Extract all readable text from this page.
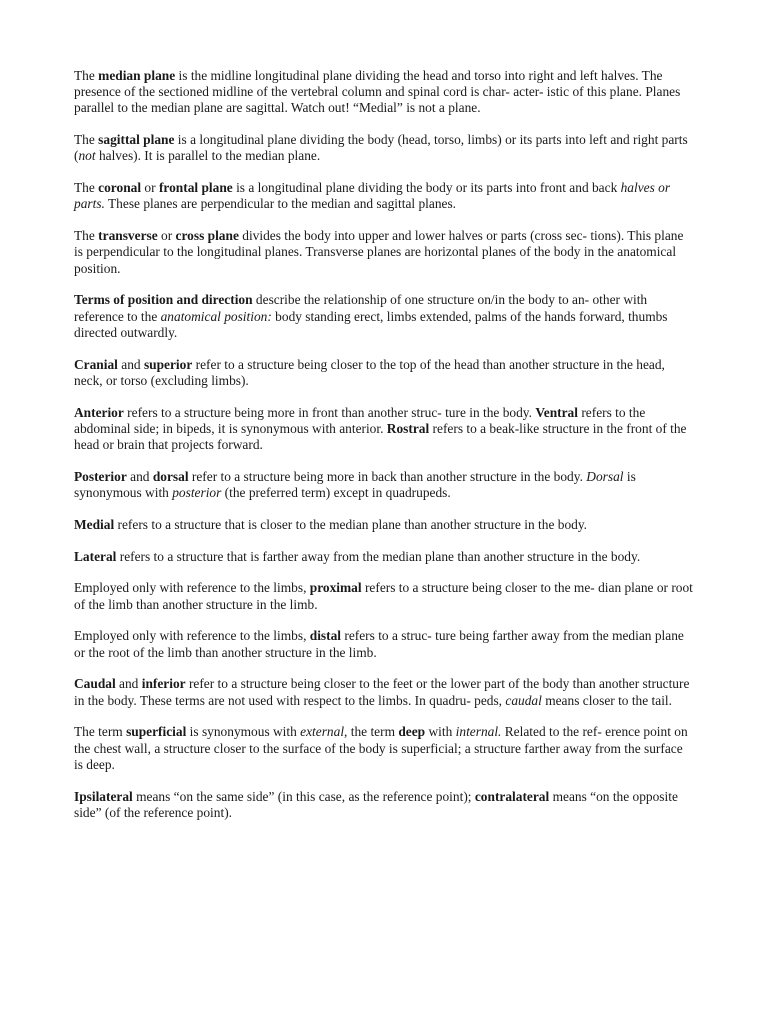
The median plane is the midline longitudinal plane dividing the head and torso into right and left halves. The presence of the sectioned midline of the vertebral column and spinal cord is char- acter- istic of this plane. Planes parallel to the median plane are sagittal. Watch out! “Medial” is not a plane.

The sagittal plane is a longitudinal plane dividing the body (head, torso, limbs) or its parts into left and right parts (not halves). It is parallel to the median plane.

The coronal or frontal plane is a longitudinal plane dividing the body or its parts into front and back halves or parts. These planes are perpendicular to the median and sagittal planes.

The transverse or cross plane divides the body into upper and lower halves or parts (cross sec- tions). This plane is perpendicular to the longitudinal planes. Transverse planes are horizontal planes of the body in the anatomical position.

Terms of position and direction describe the relationship of one structure on/in the body to an- other with reference to the anatomical position: body standing erect, limbs extended, palms of the hands forward, thumbs directed outwardly.

Cranial and superior refer to a structure being closer to the top of the head than another structure in the head, neck, or torso (excluding limbs).

Anterior refers to a structure being more in front than another struc- ture in the body. Ventral refers to the abdominal side; in bipeds, it is synonymous with anterior. Rostral refers to a beak-like structure in the front of the head or brain that projects forward.

Posterior and dorsal refer to a structure being more in back than another structure in the body. Dorsal is synonymous with posterior (the preferred term) except in quadrupeds.

Medial refers to a structure that is closer to the median plane than another structure in the body.

Lateral refers to a structure that is farther away from the median plane than another structure in the body.

Employed only with reference to the limbs, proximal refers to a structure being closer to the me- dian plane or root of the limb than another structure in the limb.

Employed only with reference to the limbs, distal refers to a struc- ture being farther away from the median plane or the root of the limb than another structure in the limb.

Caudal and inferior refer to a structure being closer to the feet or the lower part of the body than another structure in the body. These terms are not used with respect to the limbs. In quadru- peds, caudal means closer to the tail.

The term superficial is synonymous with external, the term deep with internal. Related to the ref- erence point on the chest wall, a structure closer to the surface of the body is superficial; a structure farther away from the surface is deep.

Ipsilateral means “on the same side” (in this case, as the reference point); contralateral means “on the opposite side” (of the reference point).
